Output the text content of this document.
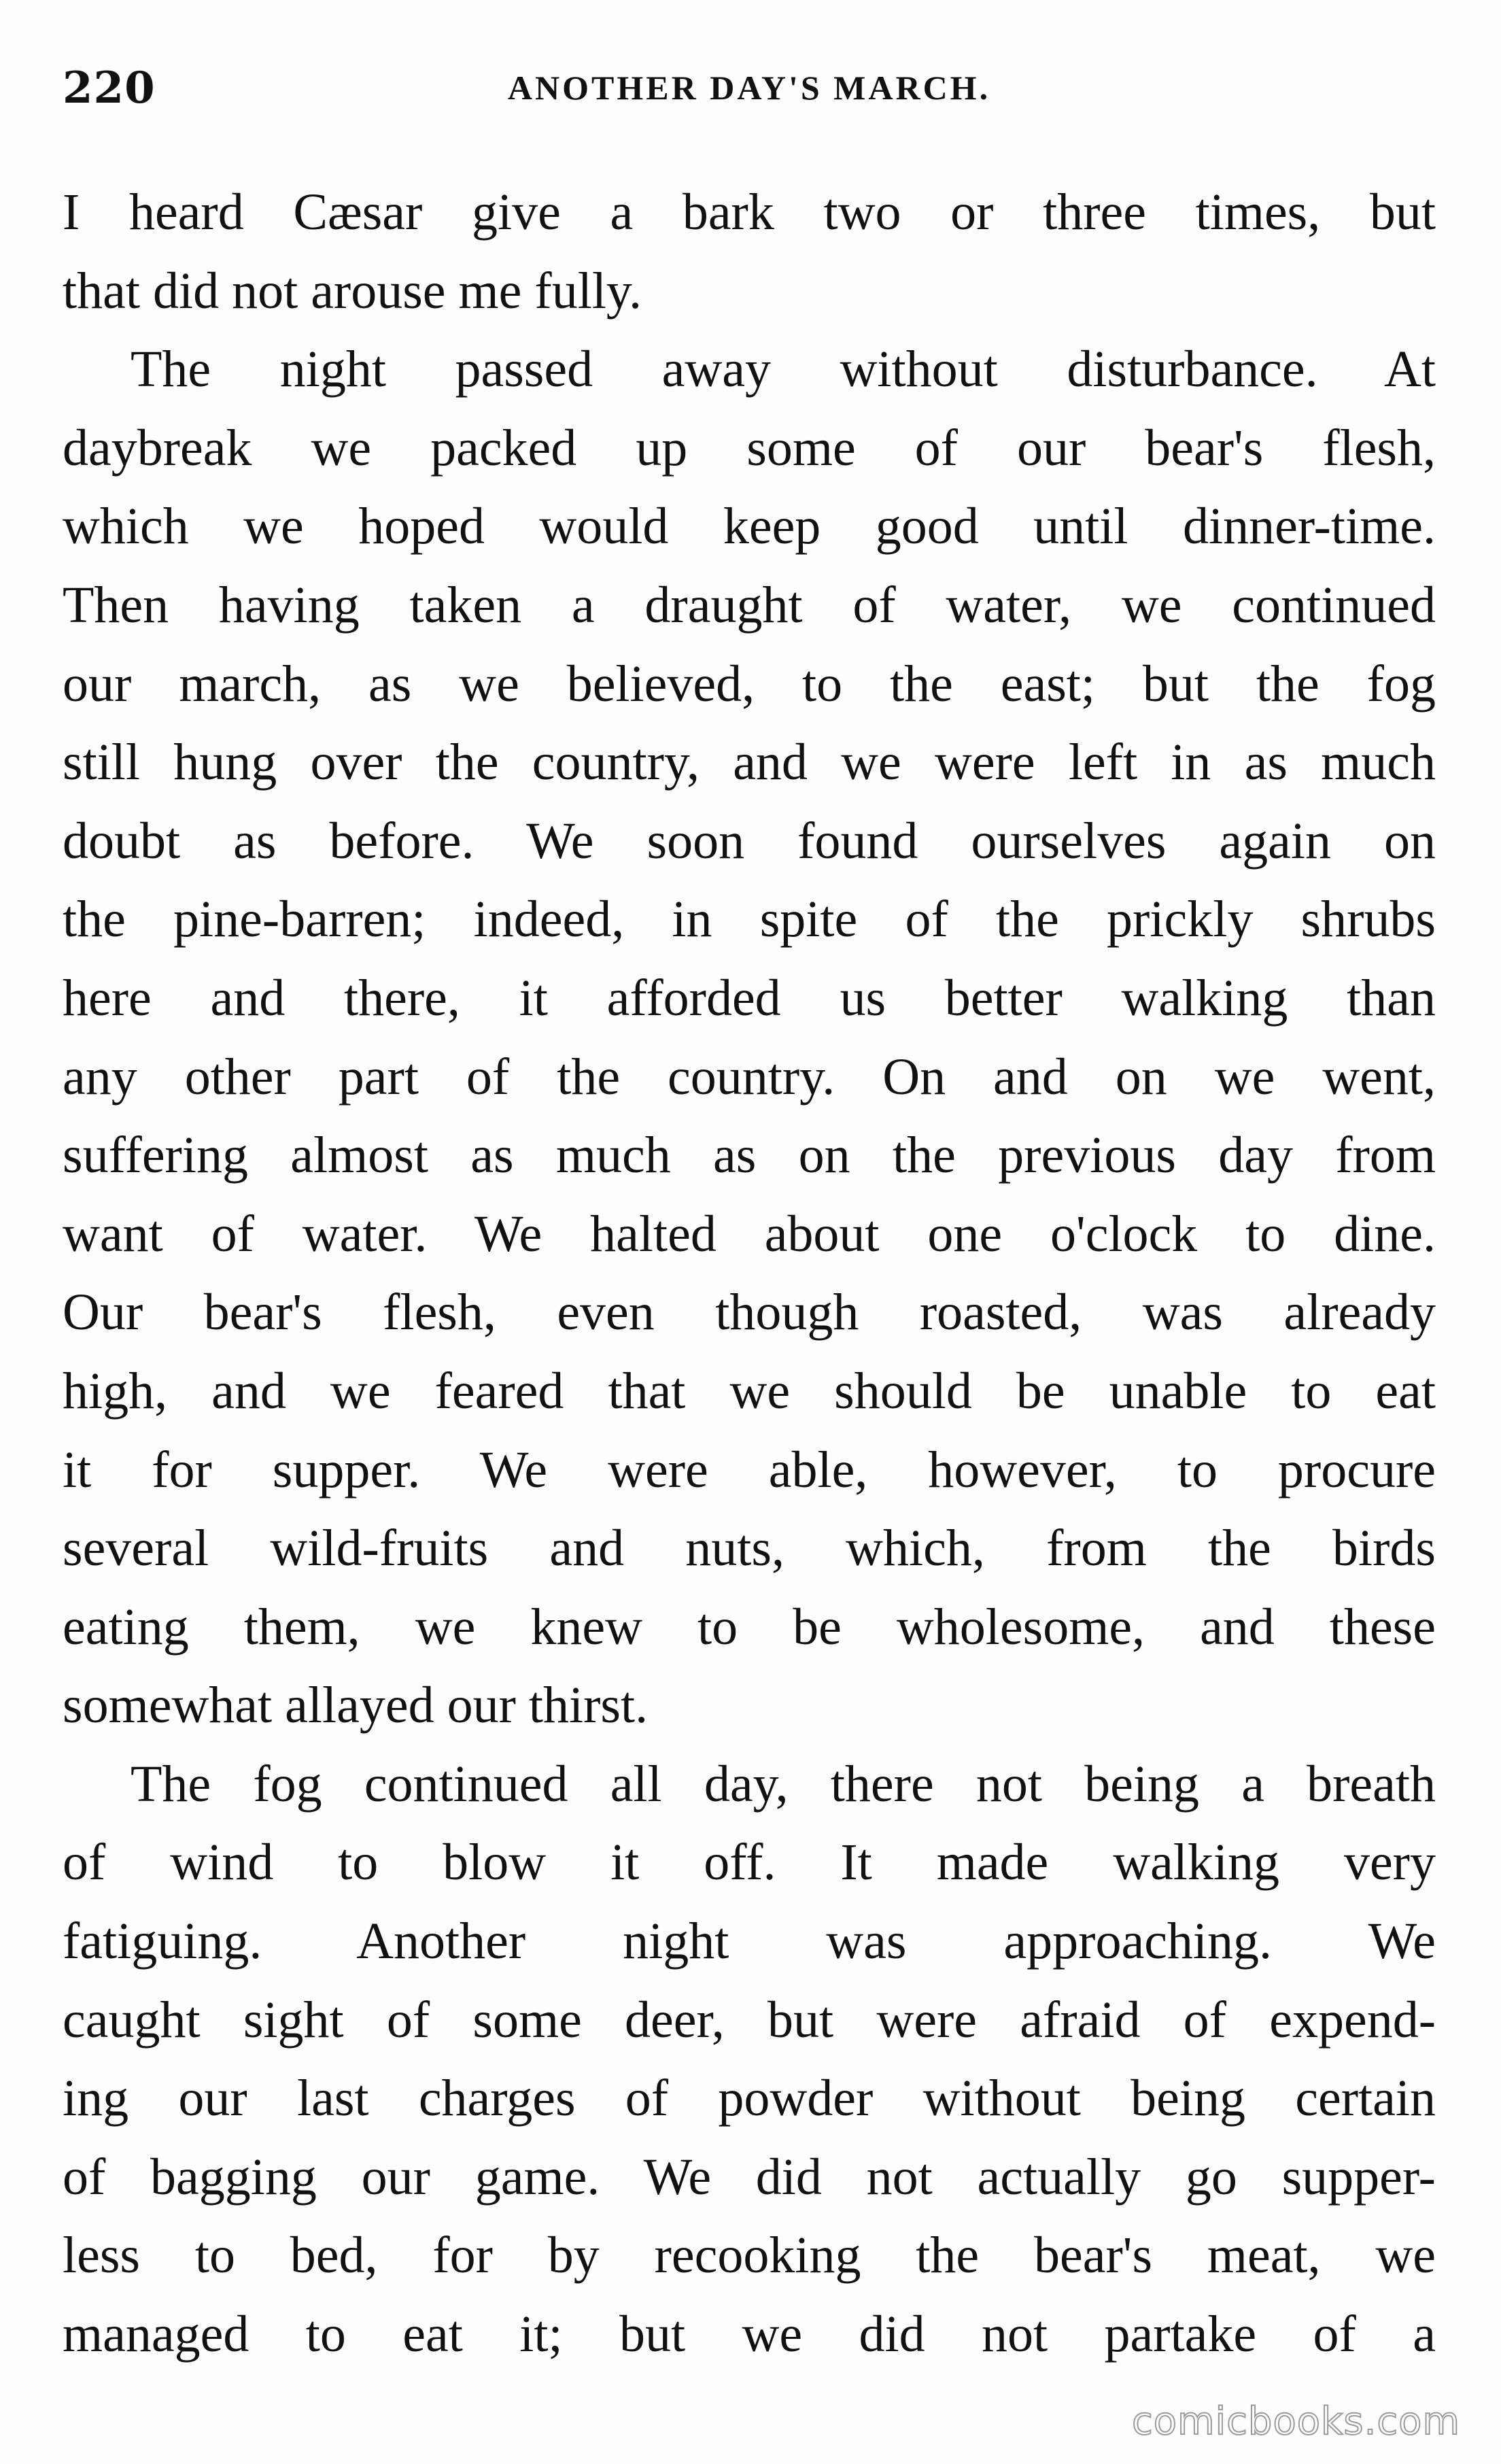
220	ANOTHER DAY'S MARCH.
I heard Cæsar give a bark two or three times, but
that did not arouse me fully.
The night passed away without disturbance. At
daybreak we packed up some of our bear's flesh,
which we hoped would keep good until dinner-time.
Then having taken a draught of water, we continued
our march, as we believed, to the east; but the fog
still hung over the country, and we were left in as much
doubt as before. We soon found ourselves again on
the pine-barren; indeed, in spite of the prickly shrubs
here and there, it afforded us better walking than
any other part of the country. On and on we went,
suffering almost as much as on the previous day from
want of water. We halted about one o'clock to dine.
Our bear's flesh, even though roasted, was already
high, and we feared that we should be unable to eat
it for supper. We were able, however, to procure
several wild-fruits and nuts, which, from the birds
eating them, we knew to be wholesome, and these
somewhat allayed our thirst.
The fog continued all day, there not being a breath
of wind to blow it off. It made walking very
fatiguing. Another night was approaching. We
caught sight of some deer, but were afraid of expend-
ing our last charges of powder without being certain
of bagging our game. We did not actually go supper-
less to bed, for by recooking the bear's meat, we
managed to eat it; but we did not partake of a
comicbooks.com
